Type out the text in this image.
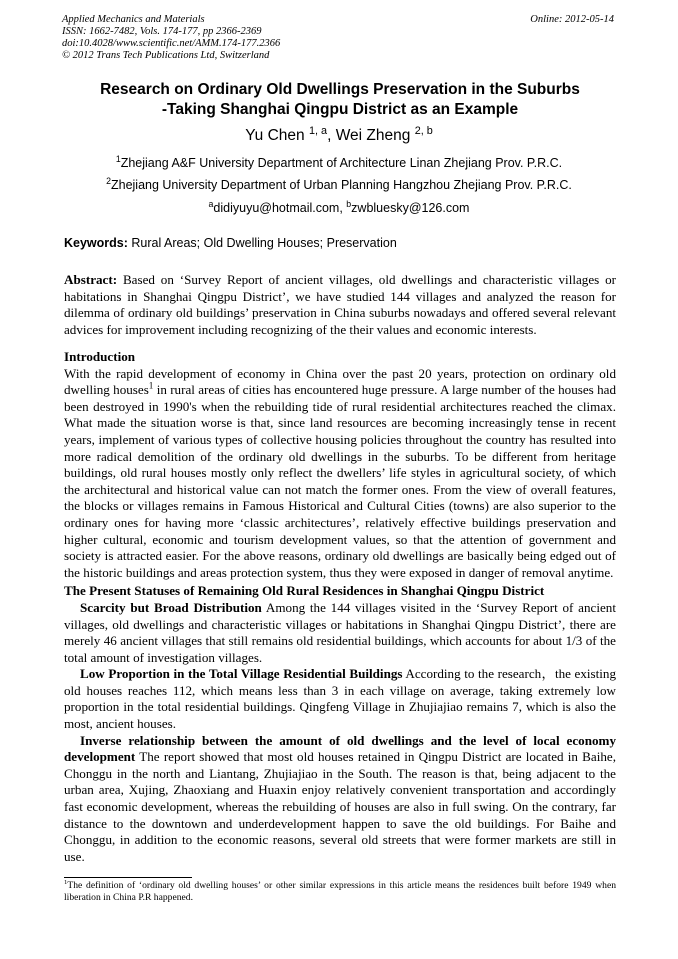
Applied Mechanics and Materials	Online: 2012-05-14
ISSN: 1662-7482, Vols. 174-177, pp 2366-2369
doi:10.4028/www.scientific.net/AMM.174-177.2366
© 2012 Trans Tech Publications Ltd, Switzerland
Research on Ordinary Old Dwellings Preservation in the Suburbs
-Taking Shanghai Qingpu District as an Example
Yu Chen $^{1, a}$, Wei Zheng $^{2, b}$
$^1$Zhejiang A&F University Department of Architecture Linan Zhejiang Prov. P.R.C.
$^2$Zhejiang University Department of Urban Planning Hangzhou Zhejiang Prov. P.R.C.
$^a$didiyuyu@hotmail.com, $^b$zwbluesky@126.com
Keywords: Rural Areas; Old Dwelling Houses; Preservation

Abstract: Based on ‘Survey Report of ancient villages, old dwellings and characteristic villages or habitations in Shanghai Qingpu District’, we have studied 144 villages and analyzed the reason for dilemma of ordinary old buildings’ preservation in China suburbs nowadays and offered several relevant advices for improvement including recognizing of the their values and economic interests.

Introduction

With the rapid development of economy in China over the past 20 years, protection on ordinary old dwelling houses$^1$ in rural areas of cities has encountered huge pressure. A large number of the houses had been destroyed in 1990's when the rebuilding tide of rural residential architectures reached the climax. What made the situation worse is that, since land resources are becoming increasingly tense in recent years, implement of various types of collective housing policies throughout the country has resulted into more radical demolition of the ordinary old dwellings in the suburbs. To be different from heritage buildings, old rural houses mostly only reflect the dwellers’ life styles in agricultural society, of which the architectural and historical value can not match the former ones. From the view of overall features, the blocks or villages remains in Famous Historical and Cultural Cities (towns) are also superior to the ordinary ones for having more ‘classic architectures’, relatively effective buildings preservation and higher cultural, economic and tourism development values, so that the attention of government and society is attracted easier. For the above reasons, ordinary old dwellings are basically being edged out of the historic buildings and areas protection system, thus they were exposed in danger of removal anytime.

The Present Statuses of Remaining Old Rural Residences in Shanghai Qingpu District

Scarcity but Broad Distribution Among the 144 villages visited in the ‘Survey Report of ancient villages, old dwellings and characteristic villages or habitations in Shanghai Qingpu District’, there are merely 46 ancient villages that still remains old residential buildings, which accounts for about 1/3 of the total amount of investigation villages.

Low Proportion in the Total Village Residential Buildings According to the research，the existing old houses reaches 112, which means less than 3 in each village on average, taking extremely low proportion in the total residential buildings. Qingfeng Village in Zhujiajiao remains 7, which is also the most, ancient houses.

Inverse relationship between the amount of old dwellings and the level of local economy development The report showed that most old houses retained in Qingpu District are located in Baihe, Chonggu in the north and Liantang, Zhujiajiao in the South. The reason is that, being adjacent to the urban area, Xujing, Zhaoxiang and Huaxin enjoy relatively convenient transportation and accordingly fast economic development, whereas the rebuilding of houses are also in full swing. On the contrary, far distance to the downtown and underdevelopment happen to save the old buildings. For Baihe and Chonggu, in addition to the economic reasons, several old streets that were former markets are still in use.

$^1$The definition of ‘ordinary old dwelling houses’ or other similar expressions in this article means the residences built before 1949 when liberation in China P.R happened.
